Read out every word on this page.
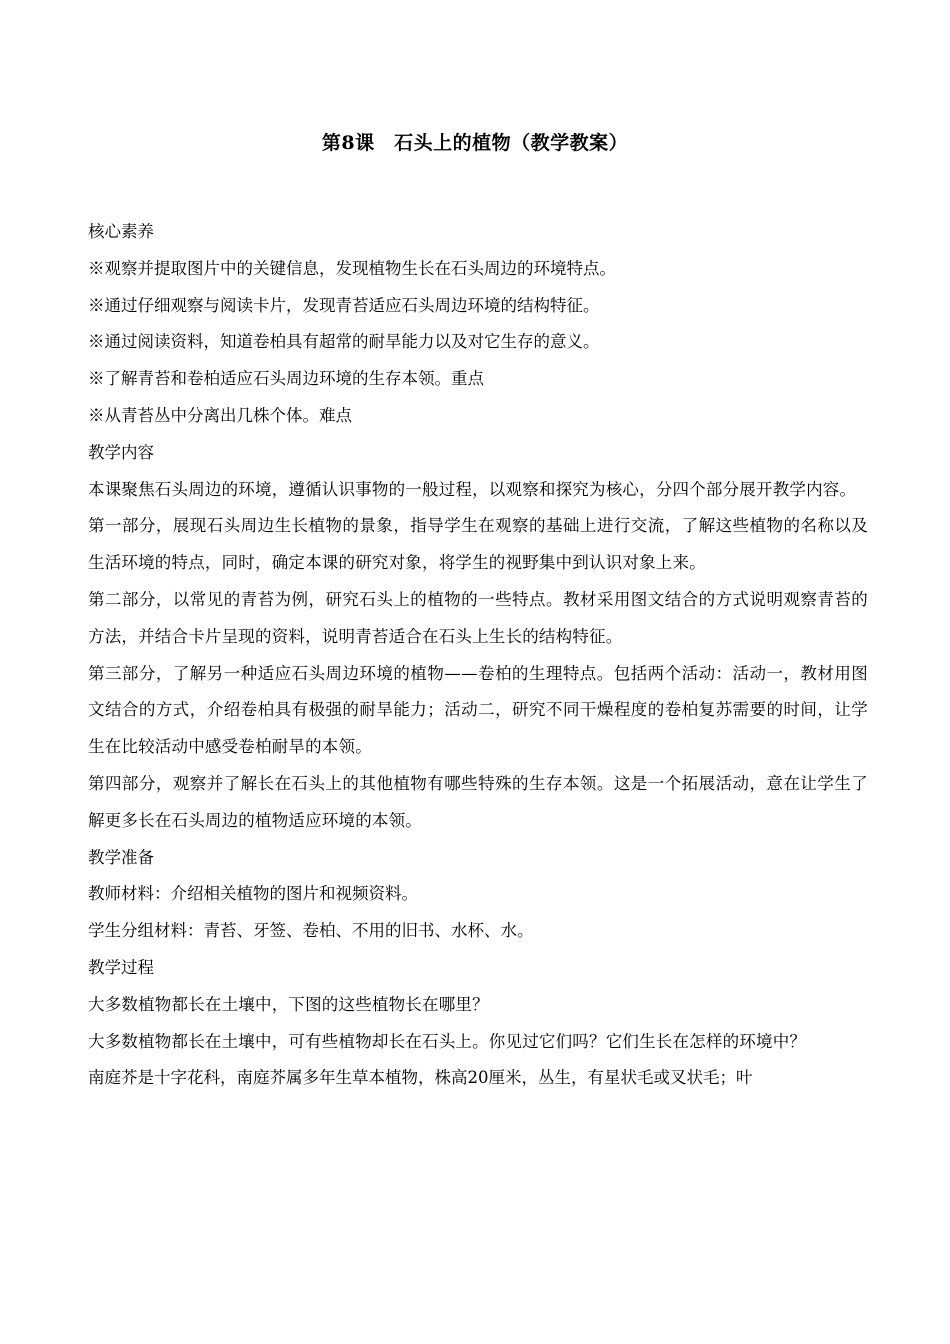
第8课　石头上的植物（教学教案）
核心素养
※观察并提取图片中的关键信息，发现植物生长在石头周边的环境特点。
※通过仔细观察与阅读卡片，发现青苔适应石头周边环境的结构特征。
※通过阅读资料，知道卷柏具有超常的耐旱能力以及对它生存的意义。
※了解青苔和卷柏适应石头周边环境的生存本领。重点
※从青苔丛中分离出几株个体。难点
教学内容
本课聚焦石头周边的环境，遵循认识事物的一般过程，以观察和探究为核心，分四个部分展开教学内容。
第一部分，展现石头周边生长植物的景象，指导学生在观察的基础上进行交流，了解这些植物的名称以及生活环境的特点，同时，确定本课的研究对象，将学生的视野集中到认识对象上来。
第二部分，以常见的青苔为例，研究石头上的植物的一些特点。教材采用图文结合的方式说明观察青苔的方法，并结合卡片呈现的资料，说明青苔适合在石头上生长的结构特征。
第三部分，了解另一种适应石头周边环境的植物——卷柏的生理特点。包括两个活动：活动一，教材用图文结合的方式，介绍卷柏具有极强的耐旱能力；活动二，研究不同干燥程度的卷柏复苏需要的时间，让学生在比较活动中感受卷柏耐旱的本领。
第四部分，观察并了解长在石头上的其他植物有哪些特殊的生存本领。这是一个拓展活动，意在让学生了解更多长在石头周边的植物适应环境的本领。
教学准备
教师材料：介绍相关植物的图片和视频资料。
学生分组材料：青苔、牙签、卷柏、不用的旧书、水杯、水。
教学过程
大多数植物都长在土壤中，下图的这些植物长在哪里？
大多数植物都长在土壤中，可有些植物却长在石头上。你见过它们吗？它们生长在怎样的环境中？
南庭芥是十字花科，南庭芥属多年生草本植物，株高20厘米，丛生，有星状毛或叉状毛；叶
